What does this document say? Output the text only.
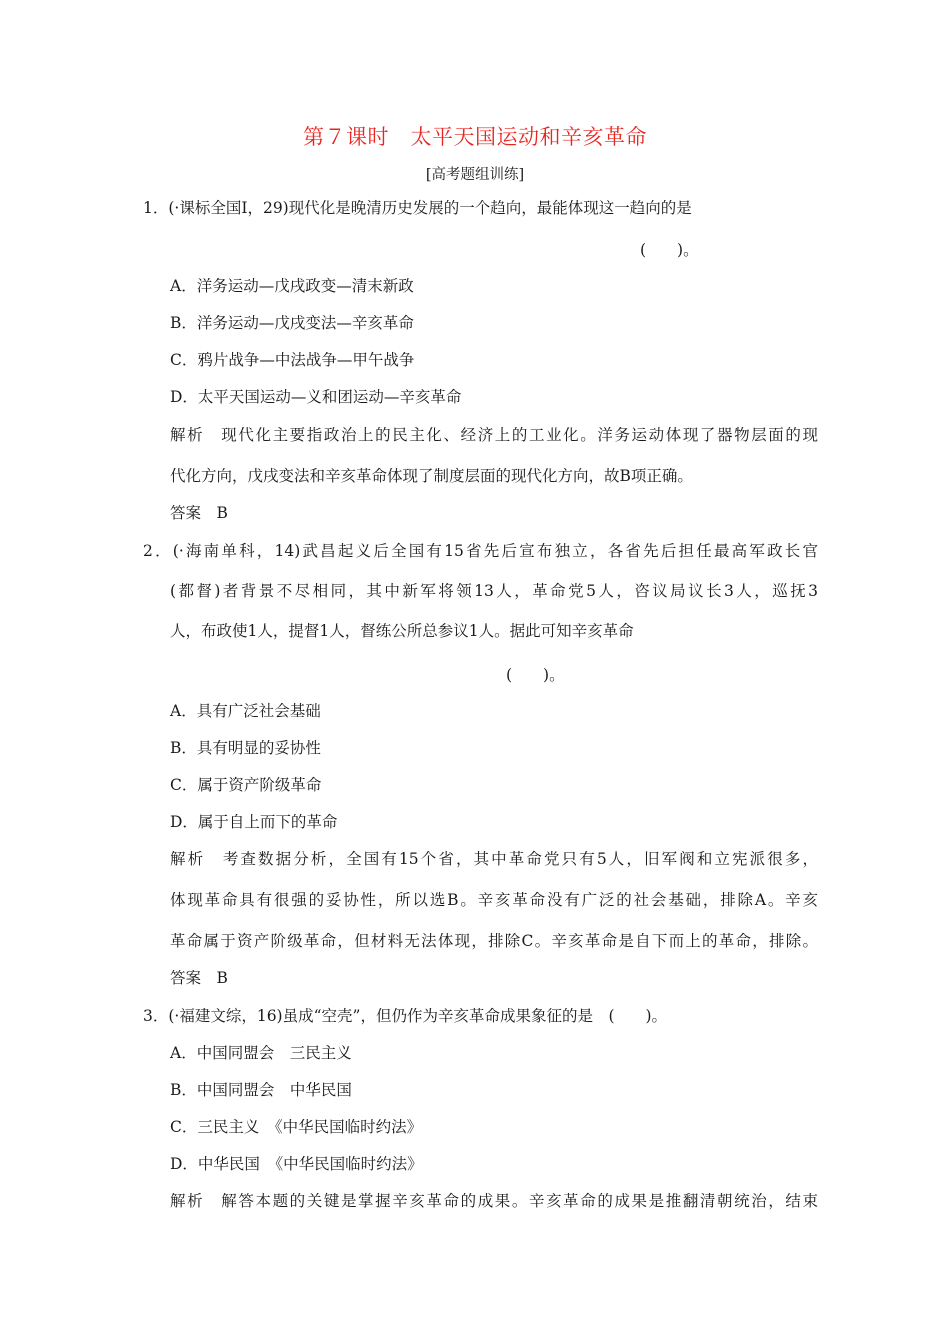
第７课时　太平天国运动和辛亥革命
[高考题组训练]
1．(·课标全国Ⅰ，29)现代化是晚清历史发展的一个趋向，最能体现这一趋向的是
(　　)。
A．洋务运动—戊戌政变—清末新政
B．洋务运动—戊戌变法—辛亥革命
C．鸦片战争—中法战争—甲午战争
D．太平天国运动—义和团运动—辛亥革命
解析　现代化主要指政治上的民主化、经济上的工业化。洋务运动体现了器物层面的现
代化方向，戊戌变法和辛亥革命体现了制度层面的现代化方向，故B项正确。
答案　B
2．(·海南单科，14)武昌起义后全国有15省先后宣布独立，各省先后担任最高军政长官
(都督)者背景不尽相同，其中新军将领13人，革命党5人，咨议局议长3人，巡抚3
人，布政使1人，提督1人，督练公所总参议1人。据此可知辛亥革命
(　　)。
A．具有广泛社会基础
B．具有明显的妥协性
C．属于资产阶级革命
D．属于自上而下的革命
解析　考查数据分析，全国有15个省，其中革命党只有5人，旧军阀和立宪派很多，
体现革命具有很强的妥协性，所以选B。辛亥革命没有广泛的社会基础，排除A。辛亥
革命属于资产阶级革命，但材料无法体现，排除C。辛亥革命是自下而上的革命，排除。
答案　B
3．(·福建文综，16)虽成“空壳”，但仍作为辛亥革命成果象征的是　(　　)。
A．中国同盟会　三民主义
B．中国同盟会　中华民国
C．三民主义　《中华民国临时约法》
D．中华民国　《中华民国临时约法》
解析　解答本题的关键是掌握辛亥革命的成果。辛亥革命的成果是推翻清朝统治，结束
